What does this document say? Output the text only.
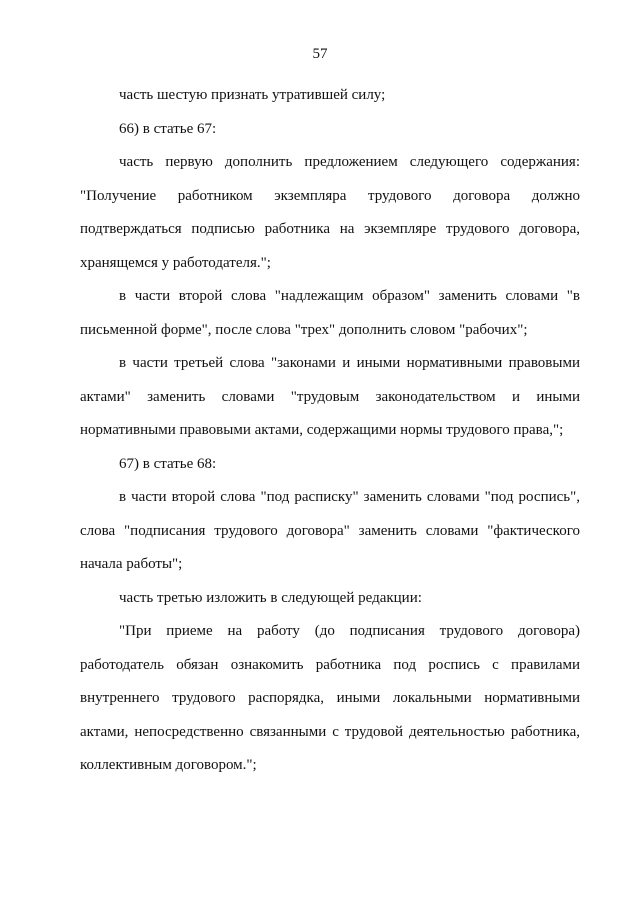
57

часть шестую признать утратившей силу;

66) в статье 67:

часть первую дополнить предложением следующего содержания: "Получение работником экземпляра трудового договора должно подтверждаться подписью работника на экземпляре трудового договора, хранящемся у работодателя.";

в части второй слова "надлежащим образом" заменить словами "в письменной форме", после слова "трех" дополнить словом "рабочих";

в части третьей слова "законами и иными нормативными правовыми актами" заменить словами "трудовым законодательством и иными нормативными правовыми актами, содержащими нормы трудового права,";

67) в статье 68:

в части второй слова "под расписку" заменить словами "под роспись", слова "подписания трудового договора" заменить словами "фактического начала работы";

часть третью изложить в следующей редакции:

"При приеме на работу (до подписания трудового договора) работодатель обязан ознакомить работника под роспись с правилами внутреннего трудового распорядка, иными локальными нормативными актами, непосредственно связанными с трудовой деятельностью работника, коллективным договором.";
